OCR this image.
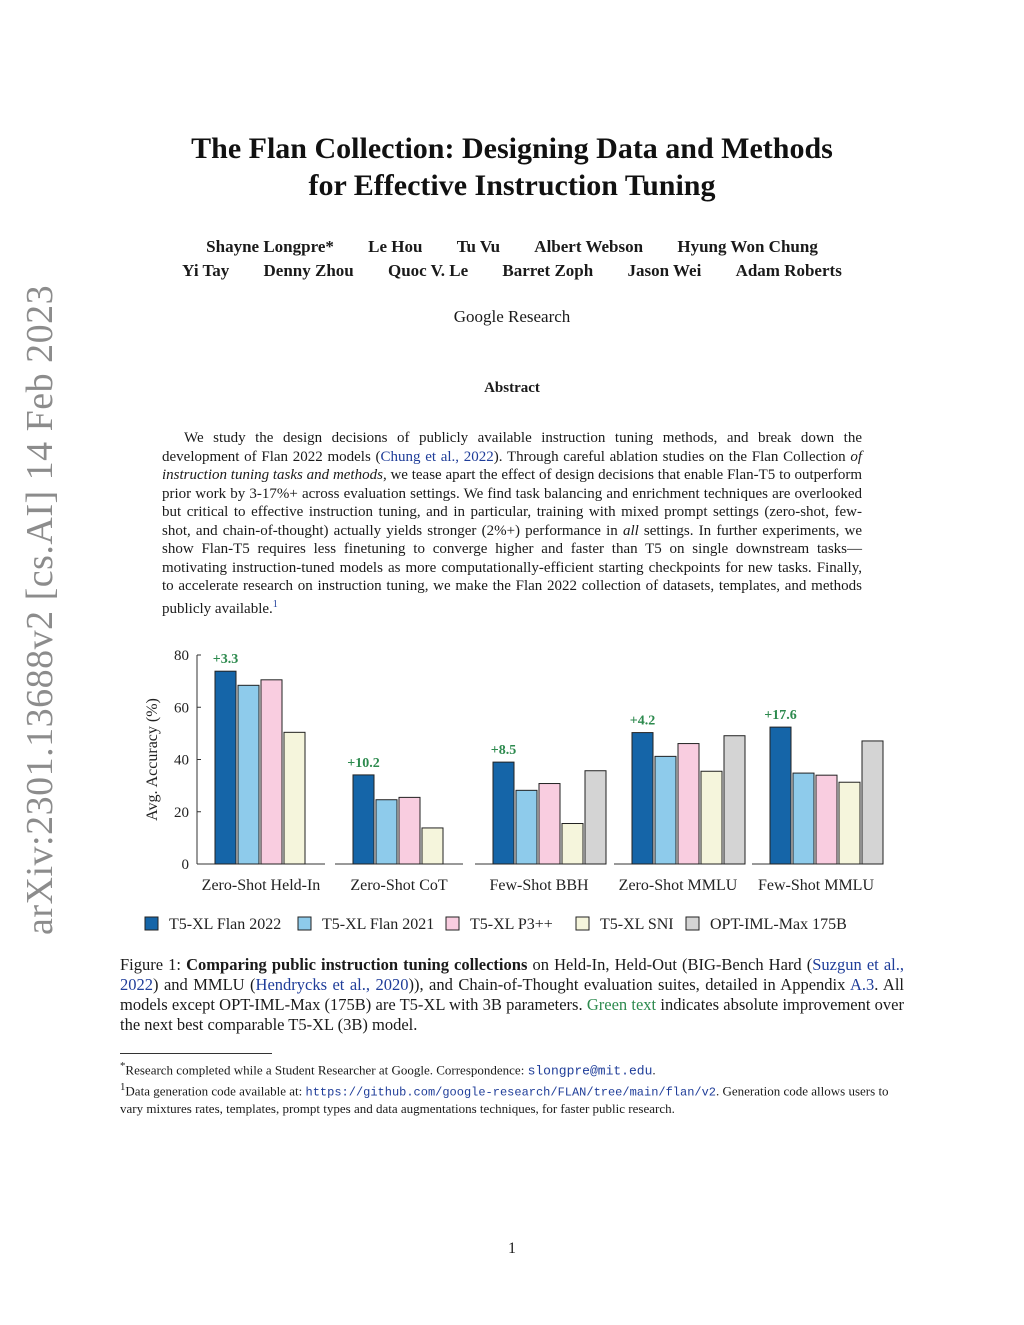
arXiv:2301.13688v2 [cs.AI] 14 Feb 2023
The Flan Collection: Designing Data and Methods
for Effective Instruction Tuning
Shayne Longpre* Le Hou Tu Vu Albert Webson Hyung Won Chung
Yi Tay Denny Zhou Quoc V. Le Barret Zoph Jason Wei Adam Roberts
Google Research
Abstract
We study the design decisions of publicly available instruction tuning methods, and break down the development of Flan 2022 models (Chung et al., 2022). Through careful ablation studies on the Flan Collection of instruction tuning tasks and methods, we tease apart the effect of design decisions that enable Flan-T5 to outperform prior work by 3-17%+ across evaluation settings. We find task balancing and enrichment techniques are overlooked but critical to effective instruction tuning, and in particular, training with mixed prompt settings (zero-shot, few-shot, and chain-of-thought) actually yields stronger (2%+) performance in all settings. In further experiments, we show Flan-T5 requires less finetuning to converge higher and faster than T5 on single downstream tasks—motivating instruction-tuned models as more computationally-efficient starting checkpoints for new tasks. Finally, to accelerate research on instruction tuning, we make the Flan 2022 collection of datasets, templates, and methods publicly available.$^1$
0
20
40
60
80
Avg. Accuracy (%)
Zero-Shot Held-In
+3.3
Zero-Shot CoT
+10.2
Few-Shot BBH
+8.5
Zero-Shot MMLU
+4.2
Few-Shot MMLU
+17.6
T5-XL Flan 2022	T5-XL Flan 2021 T5-XL P3++	T5-XL SNI OPT-IML-Max 175B
Figure 1: Comparing public instruction tuning collections on Held-In, Held-Out (BIG-Bench Hard (Suzgun et al., 2022) and MMLU (Hendrycks et al., 2020)), and Chain-of-Thought evaluation suites, detailed in Appendix A.3. All models except OPT-IML-Max (175B) are T5-XL with 3B parameters. Green text indicates absolute improvement over the next best comparable T5-XL (3B) model.
*Research completed while a Student Researcher at Google. Correspondence: slongpre@mit.edu.
$^1$Data generation code available at: https://github.com/google-research/FLAN/tree/main/flan/v2. Generation code allows users to vary mixtures rates, templates, prompt types and data augmentations techniques, for faster public research.
1
